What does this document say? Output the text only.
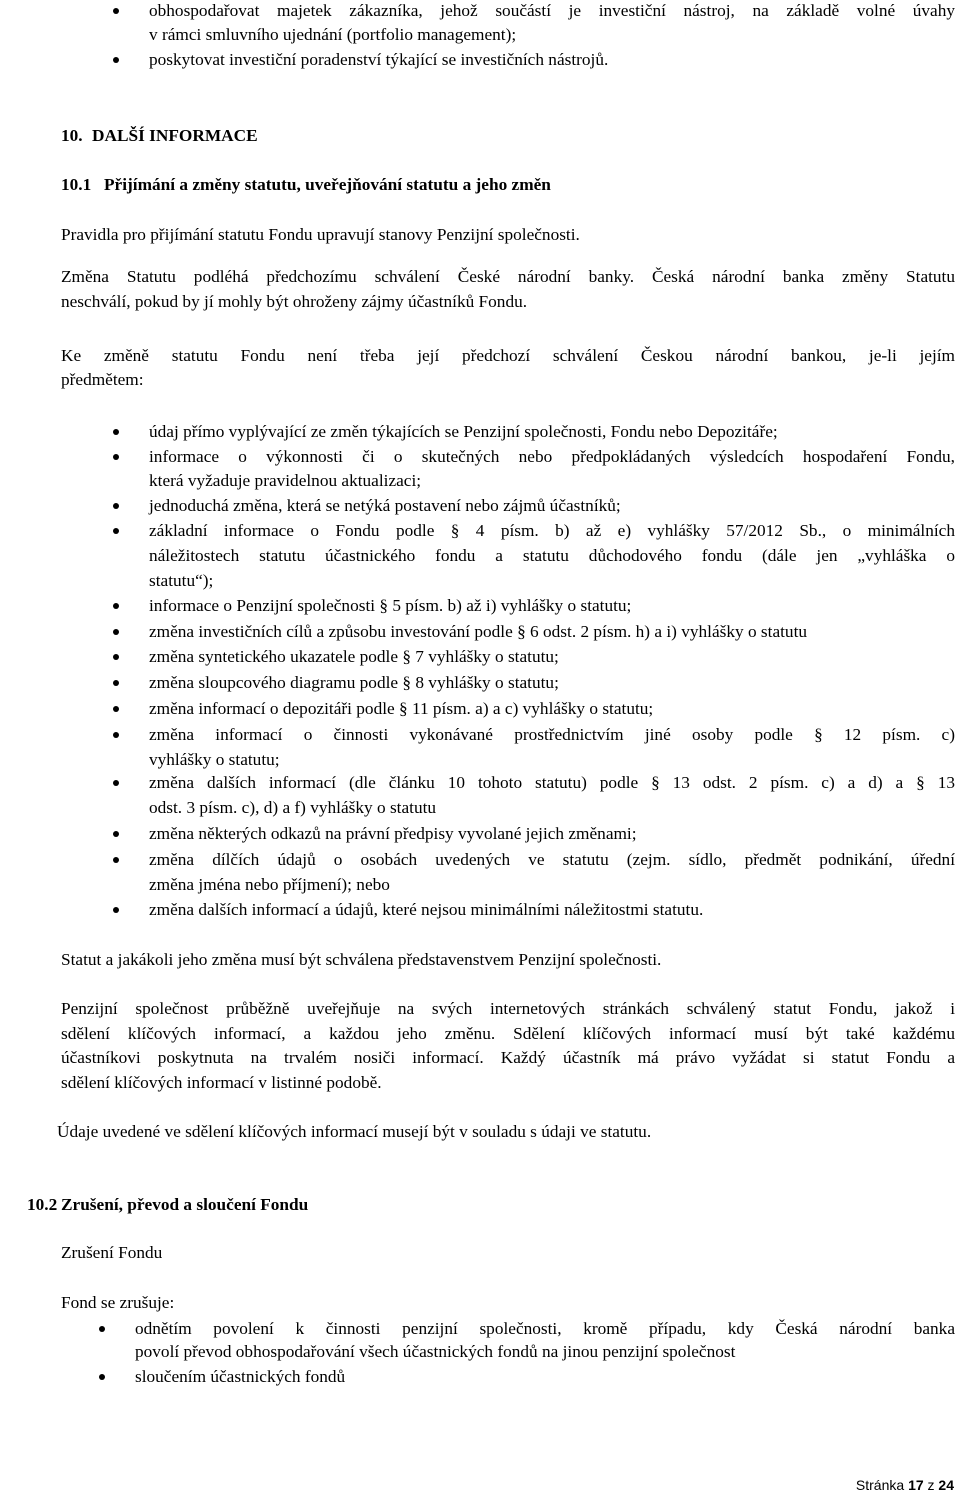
obhospodařovat majetek zákazníka, jehož součástí je investiční nástroj, na základě volné úvahy
v rámci smluvního ujednání (portfolio management);
poskytovat investiční poradenství týkající se investičních nástrojů.
10. DALŠÍ INFORMACE
10.1 Přijímání a změny statutu, uveřejňování statutu a jeho změn
Pravidla pro přijímání statutu Fondu upravují stanovy Penzijní společnosti.
Změna Statutu podléhá předchozímu schválení České národní banky. Česká národní banka změny Statutu
neschválí, pokud by jí mohly být ohroženy zájmy účastníků Fondu.
Ke změně statutu Fondu není třeba její předchozí schválení Českou národní bankou, je-li jejím
předmětem:
údaj přímo vyplývající ze změn týkajících se Penzijní společnosti, Fondu nebo Depozitáře;
informace o výkonnosti či o skutečných nebo předpokládaných výsledcích hospodaření Fondu,
která vyžaduje pravidelnou aktualizaci;
jednoduchá změna, která se netýká postavení nebo zájmů účastníků;
základní informace o Fondu podle § 4 písm. b) až e) vyhlášky 57/2012 Sb., o minimálních
náležitostech statutu účastnického fondu a statutu důchodového fondu (dále jen „vyhláška o
statutu“);
informace o Penzijní společnosti § 5 písm. b) až i) vyhlášky o statutu;
změna investičních cílů a způsobu investování podle § 6 odst. 2 písm. h) a i) vyhlášky o statutu
změna syntetického ukazatele podle § 7 vyhlášky o statutu;
změna sloupcového diagramu podle § 8 vyhlášky o statutu;
změna informací o depozitáři podle § 11 písm. a) a c) vyhlášky o statutu;
změna informací o činnosti vykonávané prostřednictvím jiné osoby podle § 12 písm. c)
vyhlášky o statutu;
změna dalších informací (dle článku 10 tohoto statutu) podle § 13 odst. 2 písm. c) a d) a § 13
odst. 3 písm. c), d) a f) vyhlášky o statutu
změna některých odkazů na právní předpisy vyvolané jejich změnami;
změna dílčích údajů o osobách uvedených ve statutu (zejm. sídlo, předmět podnikání, úřední
změna jména nebo příjmení); nebo
změna dalších informací a údajů, které nejsou minimálními náležitostmi statutu.
Statut a jakákoli jeho změna musí být schválena představenstvem Penzijní společnosti.
Penzijní společnost průběžně uveřejňuje na svých internetových stránkách schválený statut Fondu, jakož i
sdělení klíčových informací, a každou jeho změnu. Sdělení klíčových informací musí být také každému
účastníkovi poskytnuta na trvalém nosiči informací. Každý účastník má právo vyžádat si statut Fondu a
sdělení klíčových informací v listinné podobě.
Údaje uvedené ve sdělení klíčových informací musejí být v souladu s údaji ve statutu.
10.2 Zrušení, převod a sloučení Fondu
Zrušení Fondu
Fond se zrušuje:
odnětím povolení k činnosti penzijní společnosti, kromě případu, kdy Česká národní banka
povolí převod obhospodařování všech účastnických fondů na jinou penzijní společnost
sloučením účastnických fondů
Stránka 17 z 24
